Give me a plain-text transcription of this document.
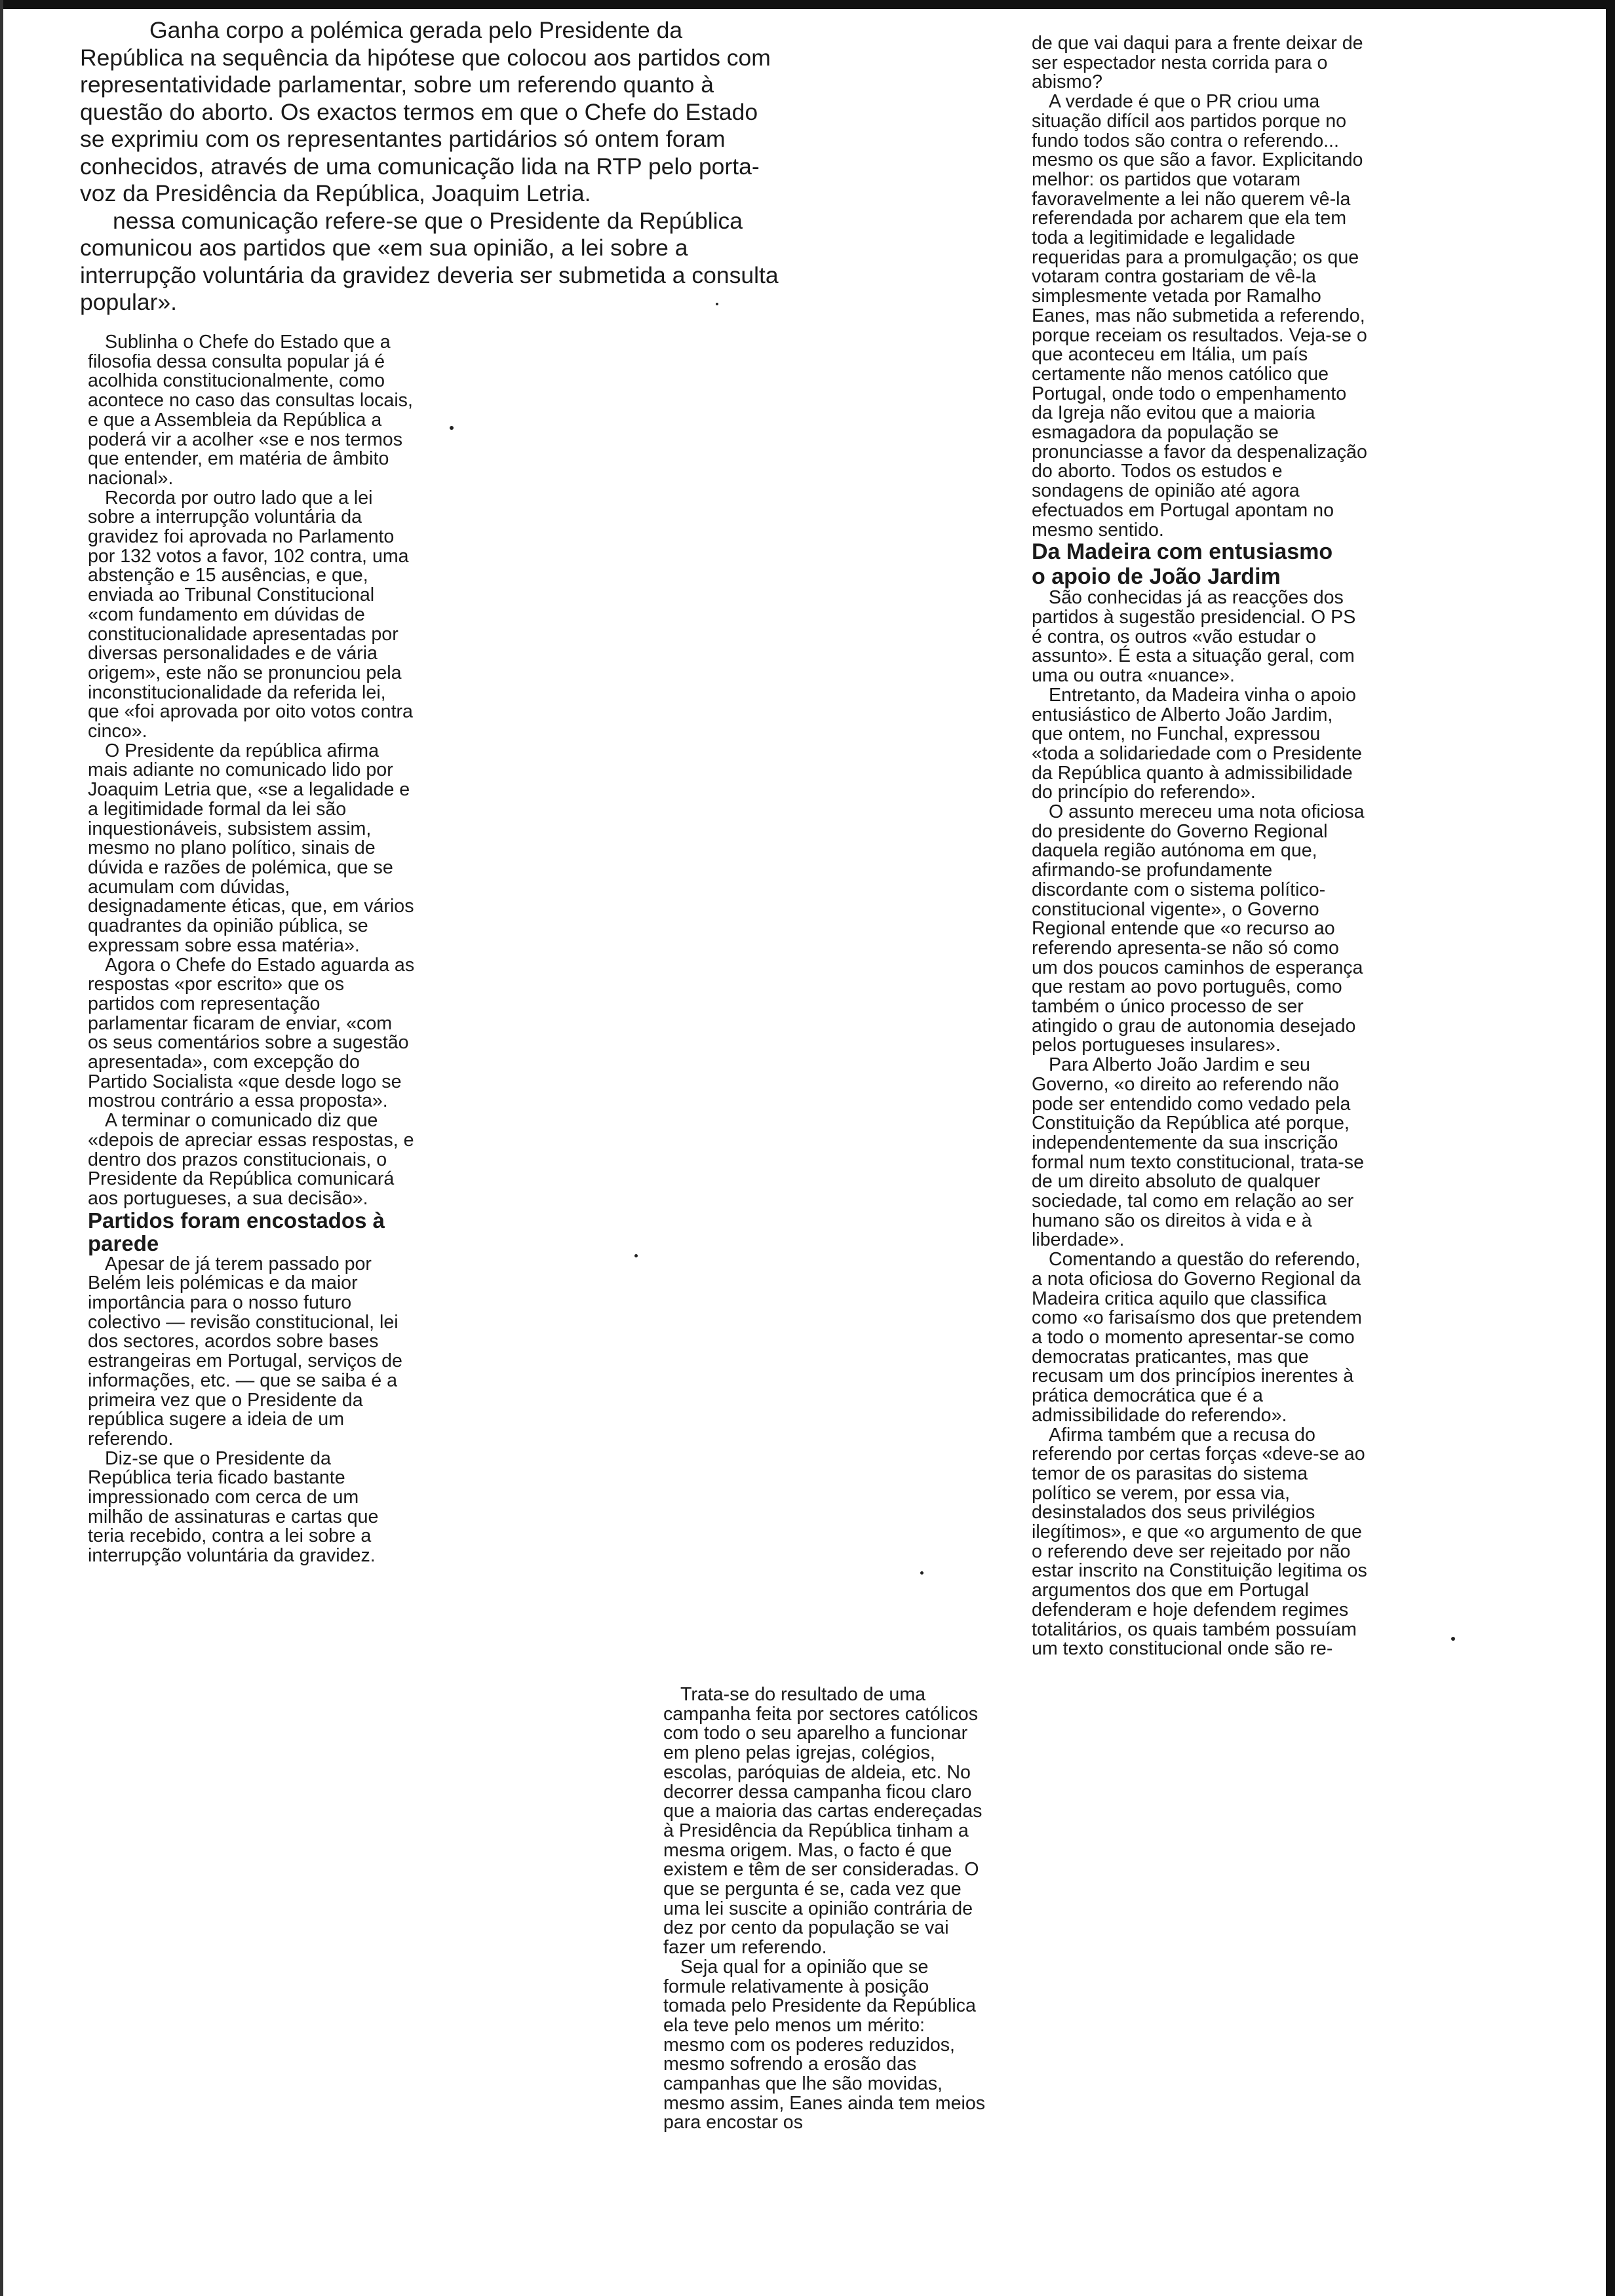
Ganha corpo a polémica gerada pelo Presidente da República na sequência da hipótese que colocou aos partidos com representatividade parlamentar, sobre um referendo quanto à questão do aborto. Os exactos termos em que o Chefe do Estado se exprimiu com os representantes partidários só ontem foram conhecidos, através de uma comunicação lida na RTP pelo porta-voz da Presidência da República, Joaquim Letria.

nessa comunicação refere-se que o Presidente da República comunicou aos partidos que «em sua opinião, a lei sobre a interrupção voluntária da gravidez deveria ser submetida a consulta popular».

Sublinha o Chefe do Estado que a filosofia dessa consulta popular já é acolhida constitucionalmente, como acontece no caso das consultas locais, e que a Assembleia da República a poderá vir a acolher «se e nos termos que entender, em matéria de âmbito nacional».

Recorda por outro lado que a lei sobre a interrupção voluntária da gravidez foi aprovada no Parlamento por 132 votos a favor, 102 contra, uma abstenção e 15 ausências, e que, enviada ao Tribunal Constitucional «com fundamento em dúvidas de constitucionalidade apresentadas por diversas personalidades e de vária origem», este não se pronunciou pela inconstitucionalidade da referida lei, que «foi aprovada por oito votos contra cinco».

O Presidente da república afirma mais adiante no comunicado lido por Joaquim Letria que, «se a legalidade e a legitimidade formal da lei são inquestionáveis, subsistem assim, mesmo no plano político, sinais de dúvida e razões de polémica, que se acumulam com dúvidas, designadamente éticas, que, em vários quadrantes da opinião pública, se expressam sobre essa matéria».

Agora o Chefe do Estado aguarda as respostas «por escrito» que os partidos com representação parlamentar ficaram de enviar, «com os seus comentários sobre a sugestão apresentada», com excepção do Partido Socialista «que desde logo se mostrou contrário a essa proposta».

A terminar o comunicado diz que «depois de apreciar essas respostas, e dentro dos prazos constitucionais, o Presidente da República comunicará aos portugueses, a sua decisão».

Partidos foram encostados à parede

Apesar de já terem passado por Belém leis polémicas e da maior importância para o nosso futuro colectivo — revisão constitucional, lei dos sectores, acordos sobre bases estrangeiras em Portugal, serviços de informações, etc. — que se saiba é a primeira vez que o Presidente da república sugere a ideia de um referendo.

Diz-se que o Presidente da República teria ficado bastante impressionado com cerca de um milhão de assinaturas e cartas que teria recebido, contra a lei sobre a interrupção voluntária da gravidez.

Trata-se do resultado de uma campanha feita por sectores católicos com todo o seu aparelho a funcionar em pleno pelas igrejas, colégios, escolas, paróquias de aldeia, etc. No decorrer dessa campanha ficou claro que a maioria das cartas endereçadas à Presidência da República tinham a mesma origem. Mas, o facto é que existem e têm de ser consideradas. O que se pergunta é se, cada vez que uma lei suscite a opinião contrária de dez por cento da população se vai fazer um referendo.

Seja qual for a opinião que se formule relativamente à posição tomada pelo Presidente da República ela teve pelo menos um mérito: mesmo com os poderes reduzidos, mesmo sofrendo a erosão das campanhas que lhe são movidas, mesmo assim, Eanes ainda tem meios para encostar os

de que vai daqui para a frente deixar de ser espectador nesta corrida para o abismo?

A verdade é que o PR criou uma situação difícil aos partidos porque no fundo todos são contra o referendo... mesmo os que são a favor. Explicitando melhor: os partidos que votaram favoravelmente a lei não querem vê-la referendada por acharem que ela tem toda a legitimidade e legalidade requeridas para a promulgação; os que votaram contra gostariam de vê-la simplesmente vetada por Ramalho Eanes, mas não submetida a referendo, porque receiam os resultados. Veja-se o que aconteceu em Itália, um país certamente não menos católico que Portugal, onde todo o empenhamento da Igreja não evitou que a maioria esmagadora da população se pronunciasse a favor da despenalização do aborto. Todos os estudos e sondagens de opinião até agora efectuados em Portugal apontam no mesmo sentido.

Da Madeira com entusiasmo
o apoio de João Jardim

São conhecidas já as reacções dos partidos à sugestão presidencial. O PS é contra, os outros «vão estudar o assunto». É esta a situação geral, com uma ou outra «nuance».

Entretanto, da Madeira vinha o apoio entusiástico de Alberto João Jardim, que ontem, no Funchal, expressou «toda a solidariedade com o Presidente da República quanto à admissibilidade do princípio do referendo».

O assunto mereceu uma nota oficiosa do presidente do Governo Regional daquela região autónoma em que, afirmando-se profundamente discordante com o sistema político-constitucional vigente», o Governo Regional entende que «o recurso ao referendo apresenta-se não só como um dos poucos caminhos de esperança que restam ao povo português, como também o único processo de ser atingido o grau de autonomia desejado pelos portugueses insulares».

Para Alberto João Jardim e seu Governo, «o direito ao referendo não pode ser entendido como vedado pela Constituição da República até porque, independentemente da sua inscrição formal num texto constitucional, trata-se de um direito absoluto de qualquer sociedade, tal como em relação ao ser humano são os direitos à vida e à liberdade».

Comentando a questão do referendo, a nota oficiosa do Governo Regional da Madeira critica aquilo que classifica como «o farisaísmo dos que pretendem a todo o momento apresentar-se como democratas praticantes, mas que recusam um dos princípios inerentes à prática democrática que é a admissibilidade do referendo».

Afirma também que a recusa do referendo por certas forças «deve-se ao temor de os parasitas do sistema político se verem, por essa via, desinstalados dos seus privilégios ilegítimos», e que «o argumento de que o referendo deve ser rejeitado por não estar inscrito na Constituição legitima os argumentos dos que em Portugal defenderam e hoje defendem regimes totalitários, os quais também possuíam um texto constitucional onde são re-
